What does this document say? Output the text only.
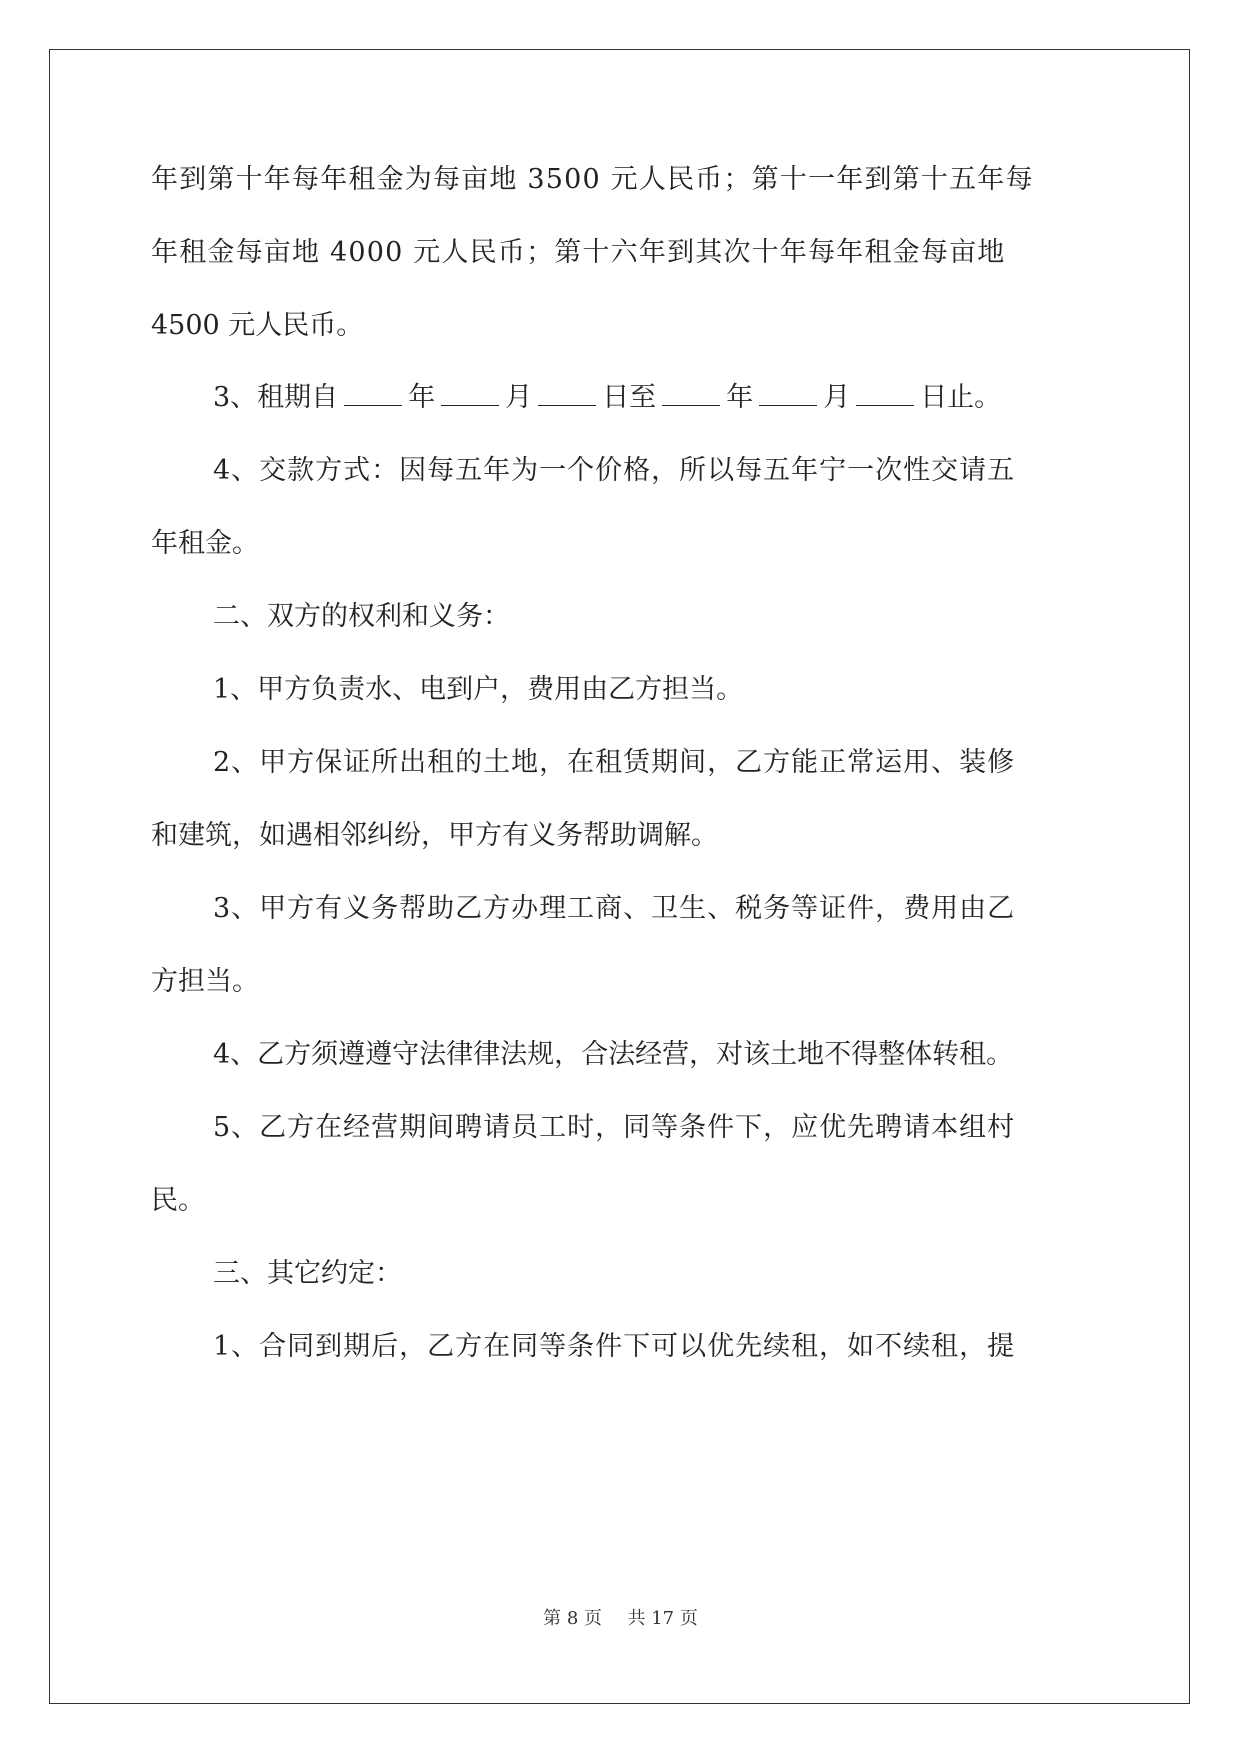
年到第十年每年租金为每亩地 3500 元人民币；第十一年到第十五年每
年租金每亩地 4000 元人民币；第十六年到其次十年每年租金每亩地
4500 元人民币。
3、租期自	年	月	日至	年	月	日止。
4、交款方式：因每五年为一个价格，所以每五年宁一次性交请五
年租金。
二、双方的权利和义务：
1、甲方负责水、电到户，费用由乙方担当。
2、甲方保证所出租的土地，在租赁期间，乙方能正常运用、装修
和建筑，如遇相邻纠纷，甲方有义务帮助调解。
3、甲方有义务帮助乙方办理工商、卫生、税务等证件，费用由乙
方担当。
4、乙方须遵遵守法律律法规，合法经营，对该土地不得整体转租。
5、乙方在经营期间聘请员工时，同等条件下，应优先聘请本组村
民。
三、其它约定：
1、合同到期后，乙方在同等条件下可以优先续租，如不续租，提
第 8 页 共 17 页
